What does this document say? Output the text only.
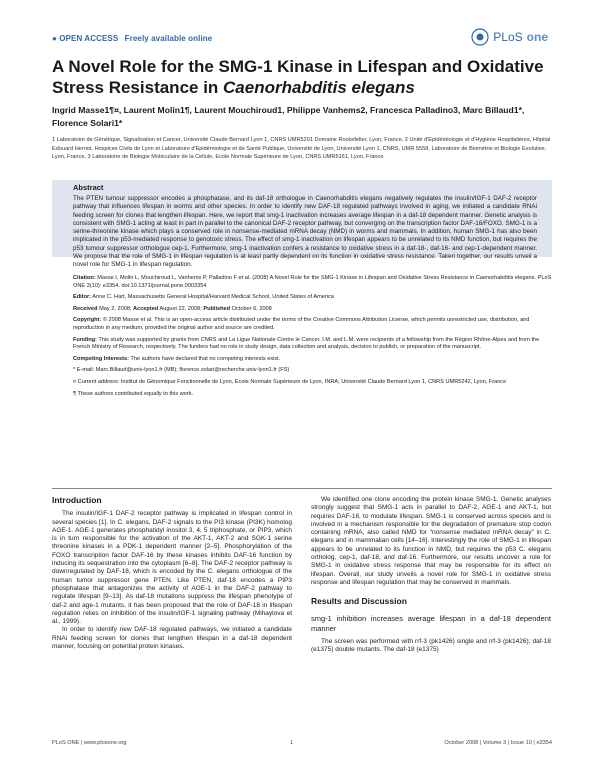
● OPEN ACCESS Freely available online	PLoS one
A Novel Role for the SMG-1 Kinase in Lifespan and Oxidative Stress Resistance in Caenorhabditis elegans
Ingrid Masse1¶¤, Laurent Molin1¶, Laurent Mouchiroud1, Philippe Vanhems2, Francesca Palladino3, Marc Billaud1*, Florence Solari1*
1 Laboratoire de Génétique, Signalisation et Cancer, Université Claude Bernard Lyon 1, CNRS UMR5201 Domaine Rockefeller, Lyon, France, 2 Unité d'Epidémiologie et d'Hygiène Hospitalières, Hôpital Edouard Herriot, Hospices Civils de Lyon et Laboratoire d'Epidémiologie et de Santé Publique, Université de Lyon, Université Lyon 1, CNRS, UMR 5558, Laboratoire de Biométrie et Biologie Evolutive, Lyon, France, 3 Laboratoire de Biologie Moléculaire de la Cellule, Ecole Normale Supérieure de Lyon, CNRS UMR5161, Lyon, France
Abstract

The PTEN tumour suppressor encodes a phosphatase, and its daf-18 orthologue in Caenorhabditis elegans negatively regulates the insulin/IGF-1 DAF-2 receptor pathway that influences lifespan in worms and other species. In order to identify new DAF-18 regulated pathways involved in aging, we initiated a candidate RNAi feeding screen for clones that lengthen lifespan. Here, we report that smg-1 inactivation increases average lifespan in a daf-18 dependent manner. Genetic analysis is consistent with SMG-1 acting at least in part in parallel to the canonical DAF-2 receptor pathway, but converging on the transcription factor DAF-16/FOXO. SMG-1 is a serine-threonine kinase which plays a conserved role in nonsense-mediated mRNA decay (NMD) in worms and mammals. In addition, human SMG-1 has also been implicated in the p53-mediated response to genotoxic stress. The effect of smg-1 inactivation on lifespan appears to be unrelated to its NMD function, but requires the p53 tumour suppressor orthologue cep-1. Furthermore, smg-1 inactivation confers a resistance to oxidative stress in a daf-18-, daf-16- and cep-1-dependent manner. We propose that the role of SMG-1 in lifespan regulation is at least partly dependent on its function in oxidative stress resistance. Taken together, our results unveil a novel role for SMG-1 in lifespan regulation.

Citation: Masse I, Molin L, Mouchiroud L, Vanhems P, Palladino F et al. (2008) A Novel Role for the SMG-1 Kinase in Lifespan and Oxidative Stress Resistance in Caenorhabditis elegans. PLoS ONE 3(10): e3354. doi:10.1371/journal.pone.0003354
Editor: Anne C. Hart, Massachusetts General Hospital/Harvard Medical School, United States of America
Received May 2, 2008; Accepted August 22, 2008; Published October 6, 2008
Copyright: © 2008 Masse et al. This is an open-access article distributed under the terms of the Creative Commons Attribution License, which permits unrestricted use, distribution, and reproduction in any medium, provided the original author and source are credited.
Funding: This study was supported by grants from CNRS and La Ligue Nationale Contre le Cancer. I.M. and L.M. were recipients of a fellowship from the Région Rhône-Alpes and from the French Ministry of Research, respectively. The funders had no role in study design, data collection and analysis, decision to publish, or preparation of the manuscript.
Competing Interests: The authors have declared that no competing interests exist.
* E-mail: Marc.Billaud@univ-lyon1.fr (MB); florence.solari@recherche.univ-lyon1.fr (FS)
¤ Current address: Institut de Génomique Fonctionnelle de Lyon, Ecole Normale Supérieure de Lyon, INRA, Université Claude Bernard Lyon 1, CNRS UMR5242, Lyon, France
¶ These authors contributed equally to this work.
Introduction

The insulin/IGF-1 DAF-2 receptor pathway is implicated in lifespan control in several species [1]. In C. elegans, DAF-2 signals to the PI3 kinase (PI3K) homolog AGE-1. AGE-1 generates phosphatidyl inositol 3, 4, 5 triphosphate, or PIP3, which is in turn responsible for the activation of the AKT-1, AKT-2 and SGK-1 serine threonine kinases in a PDK-1 dependent manner [2–5]. Phosphorylation of the FOXO transcription factor DAF-16 by these kinases inhibits DAF-16 function by inducing its sequestration into the cytoplasm [6–8]. The DAF-2 receptor pathway is downregulated by DAF-18, which is encoded by the C. elegans orthologue of the human tumor suppressor gene PTEN. Like PTEN, daf-18 encodes a PIP3 phosphatase that antagonizes the activity of AGE-1 in the DAF-2 pathway to regulate lifespan [9–13]. As daf-18 mutations suppress the lifespan phenotype of daf-2 and age-1 mutants, it has been proposed that the role of DAF-18 in lifespan regulation relies on inhibition of the insulin/IGF-1 signaling pathway (Mihaylova et al., 1999).

In order to identify new DAF-18 regulated pathways, we initiated a candidate RNAi feeding screen for clones that lengthen lifespan in a daf-18 dependent manner, focusing on potential protein kinases.

We identified one clone encoding the protein kinase SMG-1. Genetic analyses strongly suggest that SMG-1 acts in parallel to DAF-2, AGE-1 and AKT-1, but requires DAF-16, to modulate lifespan. SMG-1 is conserved across species and is involved in a mechanism responsible for the degradation of premature stop codon containing mRNA, also called NMD for “nonsense mediated mRNA decay” in C. elegans and in mammalian cells [14–16]. Interestingly the role of SMG-1 in lifespan appears to be unrelated to its function in NMD, but requires the p53 C. elegans ortholog, cep-1, daf-18, and daf-16. Furthermore, our results uncover a role for SMG-1 in oxidative stress response that may be responsible for its effect on lifespan. Overall, our study unveils a novel role for SMG-1 in oxidative stress response and lifespan regulation that may be conserved in mammals.

Results and Discussion
smg-1 inhibition increases average lifespan in a daf-18 dependent manner

The screen was performed with rrf-3 (pk1426) single and rrf-3 (pk1426); daf-18 (e1375) double mutants. The daf-18 (e1375)

PLoS ONE | www.plosone.org	1	October 2008 | Volume 3 | Issue 10 | e3354
